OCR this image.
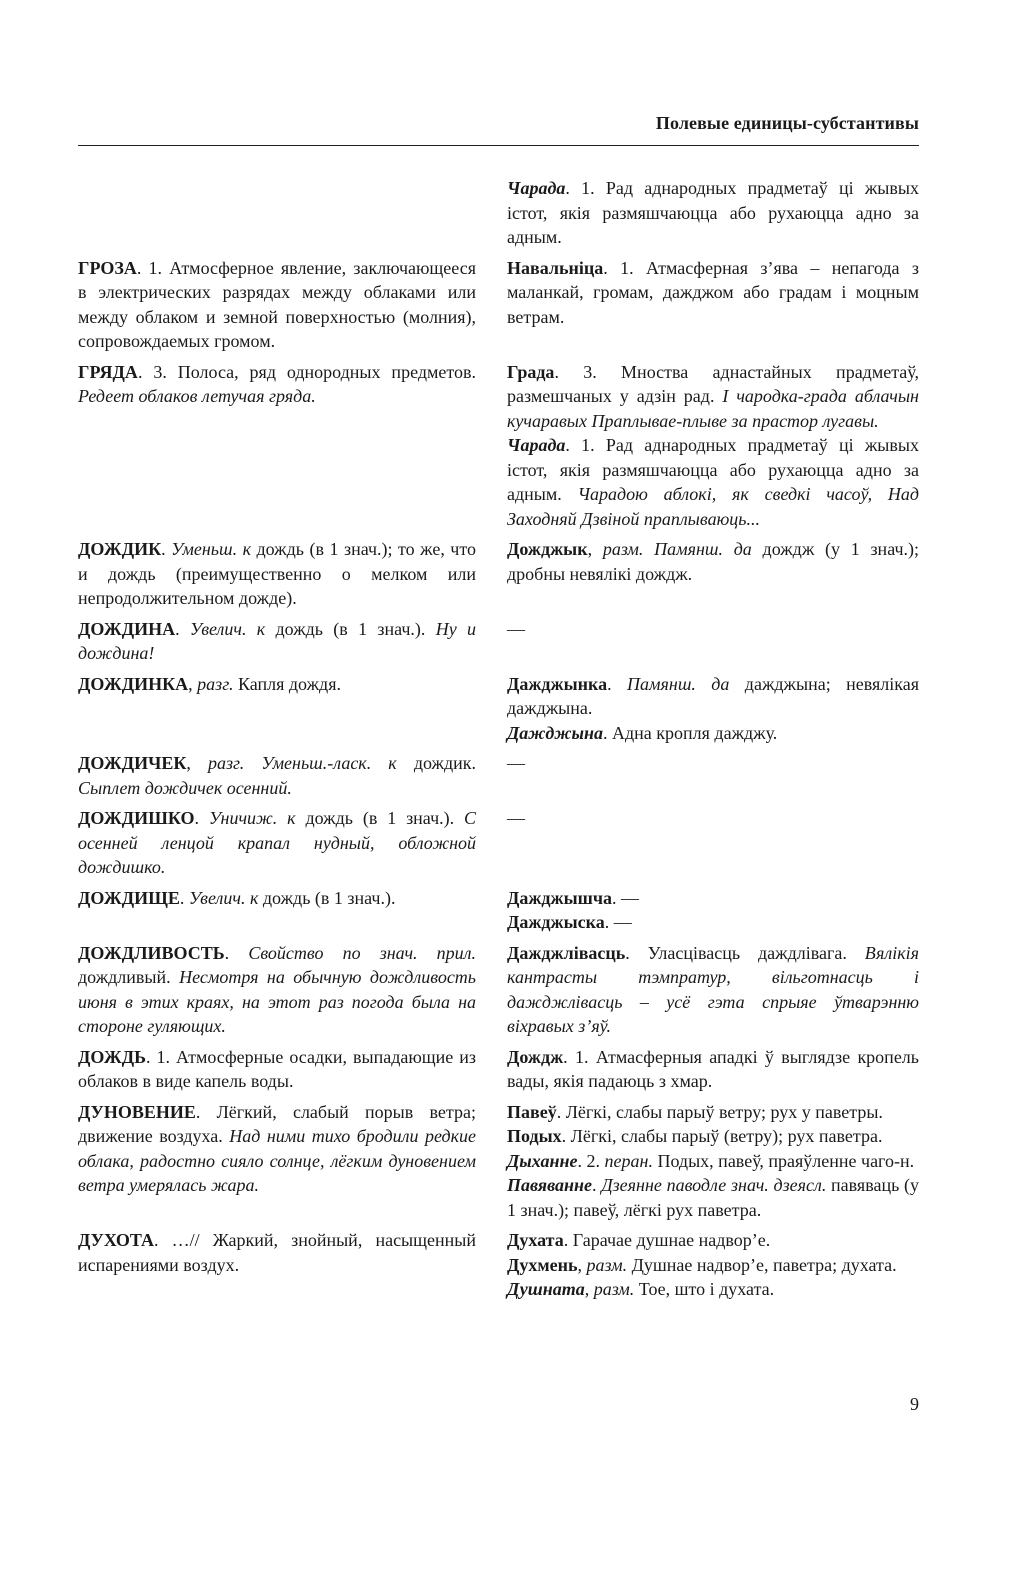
Полевые единицы-субстантивы
Чарада. 1. Рад аднародных прадметаў ці жывых істот, якія размяшчаюцца або рухаюцца адно за адным.
ГРОЗА. 1. Атмосферное явление, заключающееся в электрических разрядах между облаками или между облаком и земной поверхностью (молния), сопровождаемых громом.
Навальніца. 1. Атмасферная з’ява – непагода з маланкай, громам, дажджом або градам і моцным ветрам.
ГРЯДА. 3. Полоса, ряд однородных предметов. Редеет облаков летучая гряда.
Града. 3. Мноства аднастайных прадметаў, размешчаных у адзін рад. І чародка-града аблачын кучаравых Праплывае-плыве за прастор лугавы.
Чарада. 1. Рад аднародных прадметаў ці жывых істот, якія размяшчаюцца або рухаюцца адно за адным. Чарадою аблокі, як сведкі часоў, Над Заходняй Дзвіной праплываюць...
ДОЖДИК. Уменьш. к дождь (в 1 знач.); то же, что и дождь (преимущественно о мелком или непродолжительном дожде).
Дожджык, разм. Памянш. да дождж (у 1 знач.); дробны невялікі дождж.
ДОЖДИНА. Увелич. к дождь (в 1 знач.). Ну и дождина!
—
ДОЖДИНКА, разг. Капля дождя.	Дажджынка. Памянш. да дажджына; невялікая дажджына.
Дажджына. Адна кропля дажджу.
ДОЖДИЧЕК, разг. Уменьш.-ласк. к дождик. Сыплет дождичек осенний.
—
ДОЖДИШКО. Уничиж. к дождь (в 1 знач.). С осенней ленцой крапал нудный, обложной дождишко.
—
ДОЖДИЩЕ. Увелич. к дождь (в 1 знач.).	Дажджышча. —
Дажджыска. —
ДОЖДЛИВОСТЬ. Свойство по знач. прил. дождливый. Несмотря на обычную дождливость июня в этих краях, на этот раз погода была на стороне гуляющих.
Дажджлівасць. Уласцівасць даждлівага. Вялікія кантрасты тэмпратур, вільготнасць і дажджлівасць – усё гэта спрыяе ўтварэнню віхравых з’яў.
ДОЖДЬ. 1. Атмосферные осадки, выпадающие из облаков в виде капель воды.
Дождж. 1. Атмасферныя ападкі ў выглядзе кропель вады, якія падаюць з хмар.
ДУНОВЕНИЕ. Лёгкий, слабый порыв ветра; движение воздуха. Над ними тихо бродили редкие облака, радостно сияло солнце, лёгким дуновением ветра умерялась жара.
Павеў. Лёгкі, слабы парыў ветру; рух у паветры.
Подых. Лёгкі, слабы парыў (ветру); рух паветра.
Дыханне. 2. перан. Подых, павеў, праяўленне чаго-н.
Павяванне. Дзеянне паводле знач. дзеясл. павяваць (у 1 знач.); павеў, лёгкі рух паветра.
ДУХОТА. …// Жаркий, знойный, насыщенный испарениями воздух.
Духата. Гарачае душнае надвор’е.
Духмень, разм. Душнае надвор’е, паветра; духата.
Душната, разм. Тое, што і духата.
9
